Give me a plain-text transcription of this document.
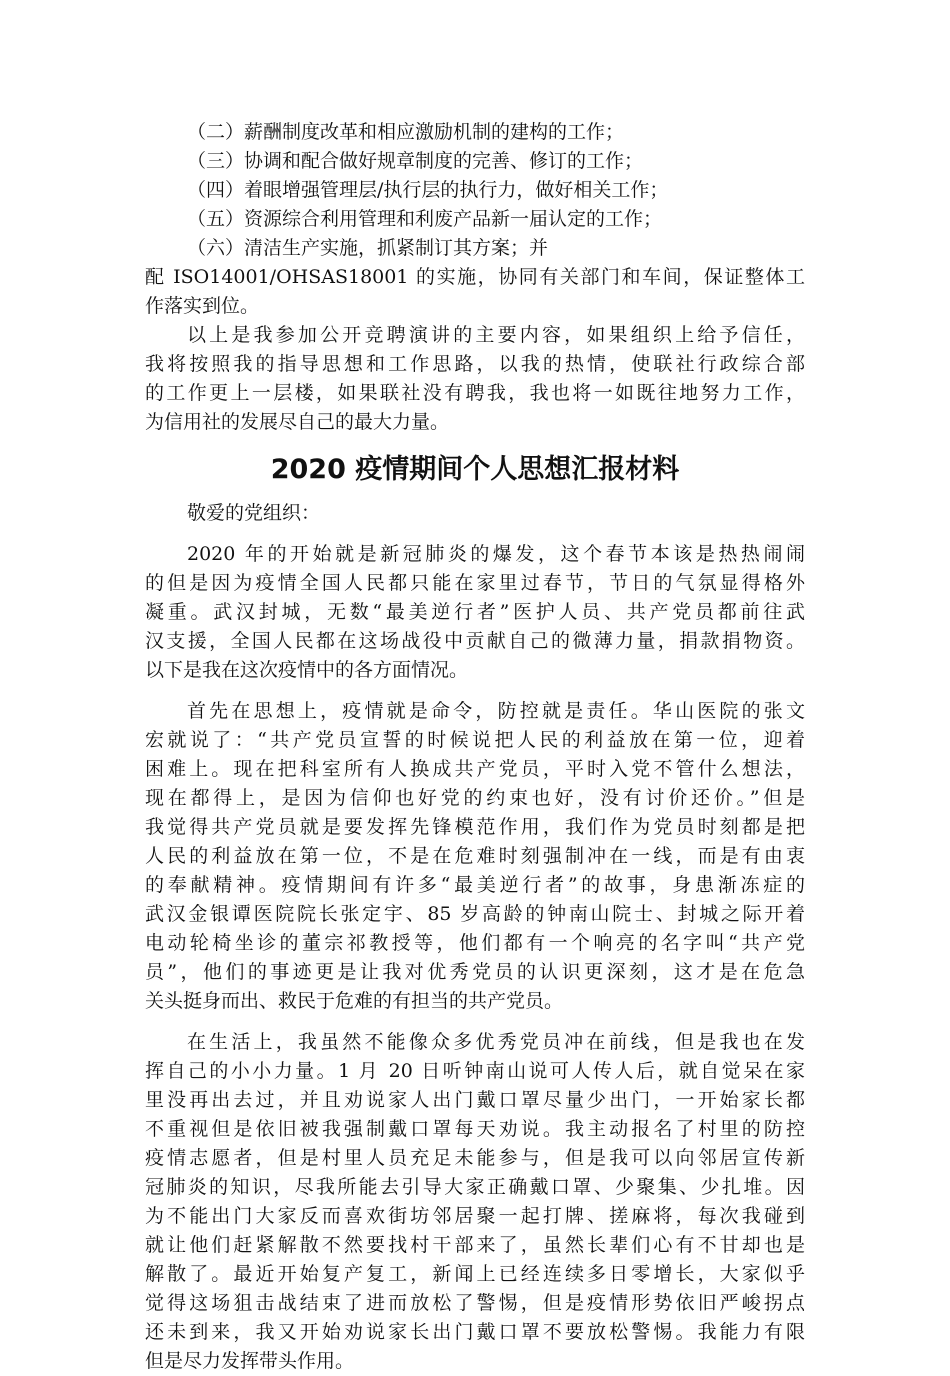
（二）薪酬制度改革和相应激励机制的建构的工作；
（三）协调和配合做好规章制度的完善、修订的工作；
（四）着眼增强管理层/执行层的执行力，做好相关工作；
（五）资源综合利用管理和利废产品新一届认定的工作；
（六）清洁生产实施，抓紧制订其方案；并
配 ISO14001/OHSAS18001 的实施，协同有关部门和车间，保证整体工
作落实到位。
以上是我参加公开竞聘演讲的主要内容，如果组织上给予信任，
我将按照我的指导思想和工作思路，以我的热情，使联社行政综合部
的工作更上一层楼，如果联社没有聘我，我也将一如既往地努力工作，
为信用社的发展尽自己的最大力量。
2020 疫情期间个人思想汇报材料
敬爱的党组织：
2020 年的开始就是新冠肺炎的爆发，这个春节本该是热热闹闹
的但是因为疫情全国人民都只能在家里过春节，节日的气氛显得格外
凝重。武汉封城，无数“最美逆行者”医护人员、共产党员都前往武
汉支援，全国人民都在这场战役中贡献自己的微薄力量，捐款捐物资。
以下是我在这次疫情中的各方面情况。
首先在思想上，疫情就是命令，防控就是责任。华山医院的张文
宏就说了：“共产党员宣誓的时候说把人民的利益放在第一位，迎着
困难上。现在把科室所有人换成共产党员，平时入党不管什么想法，
现在都得上，是因为信仰也好党的约束也好，没有讨价还价。”但是
我觉得共产党员就是要发挥先锋模范作用，我们作为党员时刻都是把
人民的利益放在第一位，不是在危难时刻强制冲在一线，而是有由衷
的奉献精神。疫情期间有许多“最美逆行者”的故事，身患渐冻症的
武汉金银谭医院院长张定宇、85 岁高龄的钟南山院士、封城之际开着
电动轮椅坐诊的董宗祁教授等，他们都有一个响亮的名字叫“共产党
员”，他们的事迹更是让我对优秀党员的认识更深刻，这才是在危急
关头挺身而出、救民于危难的有担当的共产党员。
在生活上，我虽然不能像众多优秀党员冲在前线，但是我也在发
挥自己的小小力量。1 月 20 日听钟南山说可人传人后，就自觉呆在家
里没再出去过，并且劝说家人出门戴口罩尽量少出门，一开始家长都
不重视但是依旧被我强制戴口罩每天劝说。我主动报名了村里的防控
疫情志愿者，但是村里人员充足未能参与，但是我可以向邻居宣传新
冠肺炎的知识，尽我所能去引导大家正确戴口罩、少聚集、少扎堆。因
为不能出门大家反而喜欢街坊邻居聚一起打牌、搓麻将，每次我碰到
就让他们赶紧解散不然要找村干部来了，虽然长辈们心有不甘却也是
解散了。最近开始复产复工，新闻上已经连续多日零增长，大家似乎
觉得这场狙击战结束了进而放松了警惕，但是疫情形势依旧严峻拐点
还未到来，我又开始劝说家长出门戴口罩不要放松警惕。我能力有限
但是尽力发挥带头作用。
